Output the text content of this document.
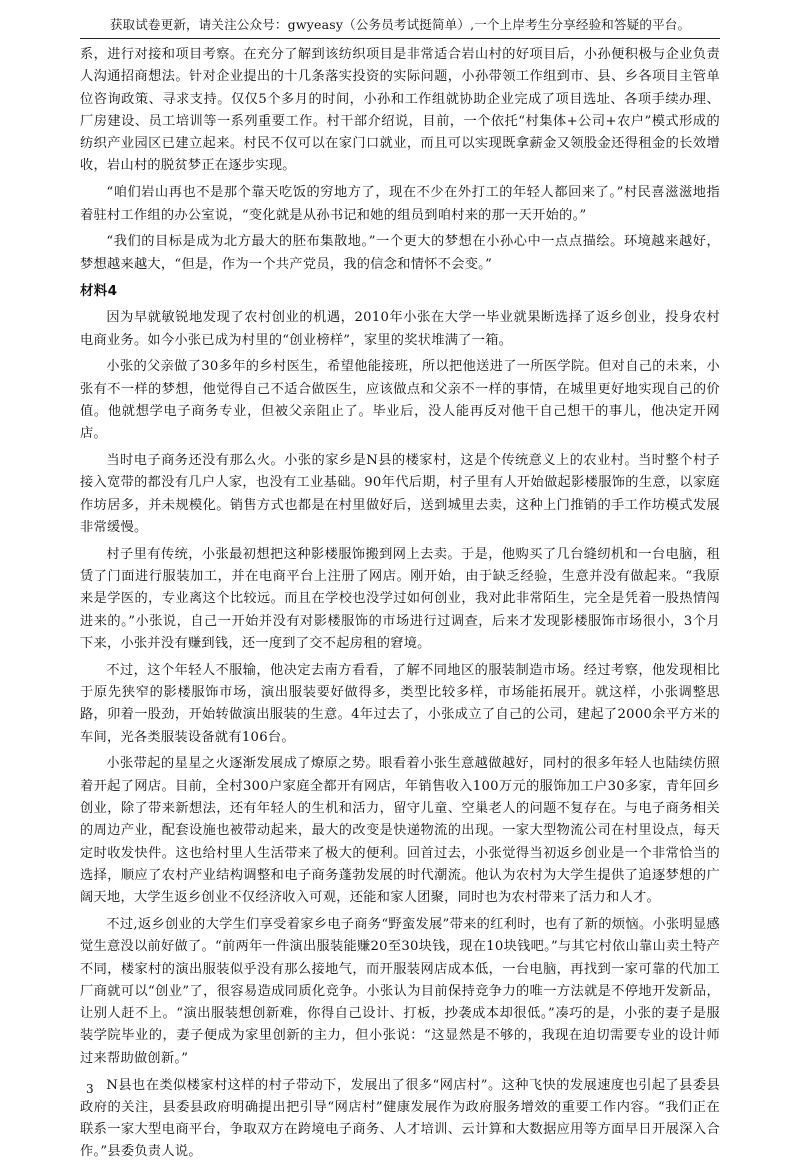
获取试卷更新，请关注公众号：gwyeasy（公务员考试挺简单）,一个上岸考生分享经验和答疑的平台。

系，进行对接和项目考察。在充分了解到该纺织项目是非常适合岩山村的好项目后，小孙便积极与企业负责人沟通招商想法。针对企业提出的十几条落实投资的实际问题，小孙带领工作组到市、县、乡各项目主管单位咨询政策、寻求支持。仅仅5个多月的时间，小孙和工作组就协助企业完成了项目选址、各项手续办理、厂房建设、员工培训等一系列重要工作。村干部介绍说，目前，一个依托“村集体+公司+农户”模式形成的纺织产业园区已建立起来。村民不仅可以在家门口就业，而且可以实现既拿薪金又领股金还得租金的长效增收，岩山村的脱贫梦正在逐步实现。

“咱们岩山再也不是那个靠天吃饭的穷地方了，现在不少在外打工的年轻人都回来了。”村民喜滋滋地指着驻村工作组的办公室说，“变化就是从孙书记和她的组员到咱村来的那一天开始的。”

“我们的目标是成为北方最大的胚布集散地。”一个更大的梦想在小孙心中一点点描绘。环境越来越好，梦想越来越大，“但是，作为一个共产党员，我的信念和情怀不会变。”

材料4

因为早就敏锐地发现了农村创业的机遇，2010年小张在大学一毕业就果断选择了返乡创业，投身农村电商业务。如今小张已成为村里的“创业榜样”，家里的奖状堆满了一箱。

小张的父亲做了30多年的乡村医生，希望他能接班，所以把他送进了一所医学院。但对自己的未来，小张有不一样的梦想，他觉得自己不适合做医生，应该做点和父亲不一样的事情，在城里更好地实现自己的价值。他就想学电子商务专业，但被父亲阻止了。毕业后，没人能再反对他干自己想干的事儿，他决定开网店。

当时电子商务还没有那么火。小张的家乡是N县的楼家村，这是个传统意义上的农业村。当时整个村子接入宽带的都没有几户人家，也没有工业基础。90年代后期，村子里有人开始做起影楼服饰的生意，以家庭作坊居多，并未规模化。销售方式也都是在村里做好后，送到城里去卖，这种上门推销的手工作坊模式发展非常缓慢。

村子里有传统，小张最初想把这种影楼服饰搬到网上去卖。于是，他购买了几台缝纫机和一台电脑，租赁了门面进行服装加工，并在电商平台上注册了网店。刚开始，由于缺乏经验，生意并没有做起来。“我原来是学医的，专业离这个比较远。而且在学校也没学过如何创业，我对此非常陌生，完全是凭着一股热情闯进来的。”小张说，自己一开始并没有对影楼服饰的市场进行过调查，后来才发现影楼服饰市场很小，3个月下来，小张并没有赚到钱，还一度到了交不起房租的窘境。

不过，这个年轻人不服输，他决定去南方看看，了解不同地区的服装制造市场。经过考察，他发现相比于原先狭窄的影楼服饰市场，演出服装要好做得多，类型比较多样，市场能拓展开。就这样，小张调整思路，卯着一股劲，开始转做演出服装的生意。4年过去了，小张成立了自己的公司，建起了2000余平方米的车间，光各类服装设备就有106台。

小张带起的星星之火逐渐发展成了燎原之势。眼看着小张生意越做越好，同村的很多年轻人也陆续仿照着开起了网店。目前，全村300户家庭全都开有网店，年销售收入100万元的服饰加工户30多家，青年回乡创业，除了带来新想法，还有年轻人的生机和活力，留守儿童、空巢老人的问题不复存在。与电子商务相关的周边产业，配套设施也被带动起来，最大的改变是快递物流的出现。一家大型物流公司在村里设点，每天定时收发快件。这也给村里人生活带来了极大的便利。回首过去，小张觉得当初返乡创业是一个非常恰当的选择，顺应了农村产业结构调整和电子商务蓬勃发展的时代潮流。他认为农村为大学生提供了追逐梦想的广阔天地，大学生返乡创业不仅经济收入可观，还能和家人团聚，同时也为农村带来了活力和人才。

不过,返乡创业的大学生们享受着家乡电子商务“野蛮发展”带来的红利时，也有了新的烦恼。小张明显感觉生意没以前好做了。“前两年一件演出服装能赚20至30块钱，现在10块钱吧。”与其它村依山靠山卖土特产不同，楼家村的演出服装似乎没有那么接地气，而开服装网店成本低，一台电脑，再找到一家可靠的代加工厂商就可以“创业”了，很容易造成同质化竞争。小张认为目前保持竞争力的唯一方法就是不停地开发新品，让别人赶不上。“演出服装想创新难，你得自己设计、打板，抄袭成本却很低。”凑巧的是，小张的妻子是服装学院毕业的，妻子便成为家里创新的主力，但小张说：“这显然是不够的，我现在迫切需要专业的设计师过来帮助做创新。”

N县也在类似楼家村这样的村子带动下，发展出了很多“网店村”。这种飞快的发展速度也引起了县委县政府的关注，县委县政府明确提出把引导“网店村”健康发展作为政府服务增效的重要工作内容。“我们正在联系一家大型电商平台，争取双方在跨境电子商务、人才培训、云计算和大数据应用等方面早日开展深入合作。”县委负责人说。

3
